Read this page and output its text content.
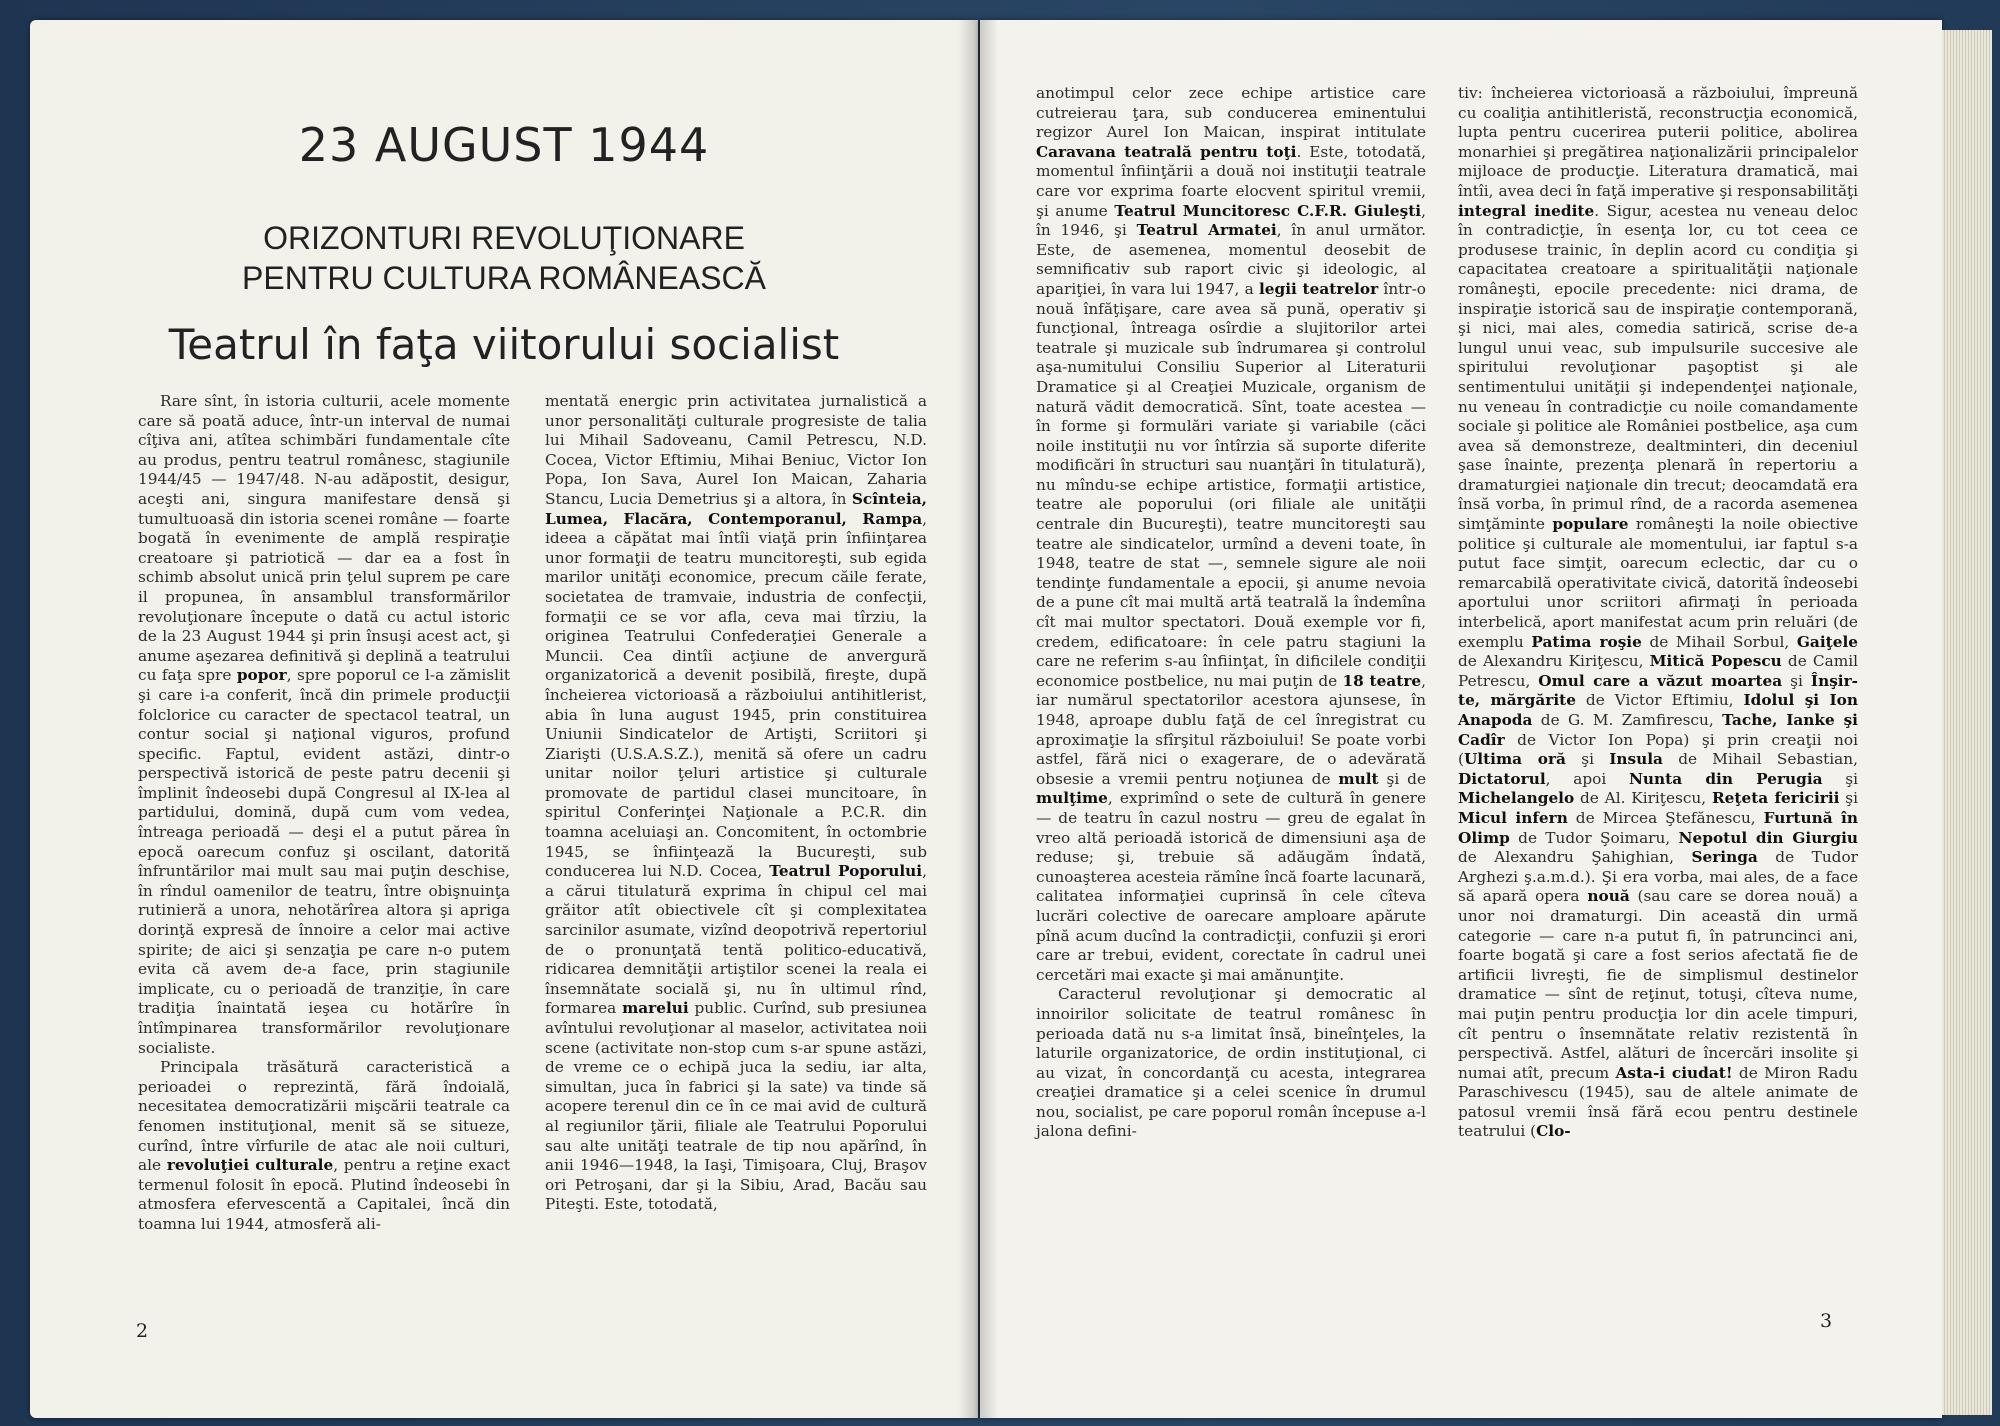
23 AUGUST 1944
ORIZONTURI REVOLUŢIONARE
PENTRU CULTURA ROMÂNEASCĂ
Teatrul în faţa viitorului socialist

Rare sînt, în istoria culturii, acele momente care să poată aduce, într-un interval de numai cîţiva ani, atîtea schimbări fundamentale cîte au produs, pentru teatrul românesc, stagiunile 1944/45 — 1947/48. N-au adăpostit, desigur, aceşti ani, singura manifestare densă şi tumultuoasă din istoria scenei române — foarte bogată în evenimente de amplă respiraţie creatoare şi patriotică — dar ea a fost în schimb absolut unică prin ţelul suprem pe care il propunea, în ansamblul transformărilor revoluţionare începute o dată cu actul istoric de la 23 August 1944 şi prin însuşi acest act, şi anume aşezarea definitivă şi deplină a teatrului cu faţa spre popor, spre poporul ce l-a zămislit şi care i-a conferit, încă din primele producţii folclorice cu caracter de spectacol teatral, un contur social şi naţional viguros, profund specific. Faptul, evident astăzi, dintr-o perspectivă istorică de peste patru decenii şi împlinit îndeosebi după Congresul al IX-lea al partidului, domină, după cum vom vedea, întreaga perioadă — deşi el a putut părea în epocă oarecum confuz şi oscilant, datorită înfruntărilor mai mult sau mai puţin deschise, în rîndul oamenilor de teatru, între obişnuinţa rutinieră a unora, nehotărîrea altora şi apriga dorinţă expresă de înnoire a celor mai active spirite; de aici şi senzaţia pe care n-o putem evita că avem de-a face, prin stagiunile implicate, cu o perioadă de tranziţie, în care tradiţia înaintată ieşea cu hotărîre în întîmpinarea transformărilor revoluţionare socialiste.

Principala trăsătură caracteristică a perioadei o reprezintă, fără îndoială, necesitatea democratizării mişcării teatrale ca fenomen instituţional, menit să se situeze, curînd, între vîrfurile de atac ale noii culturi, ale revoluţiei culturale, pentru a reţine exact termenul folosit în epocă. Plutind îndeosebi în atmosfera efervescentă a Capitalei, încă din toamna lui 1944, atmosferă ali-

mentată energic prin activitatea jurnalistică a unor personalităţi culturale progresiste de talia lui Mihail Sadoveanu, Camil Petrescu, N.D. Cocea, Victor Eftimiu, Mihai Beniuc, Victor Ion Popa, Ion Sava, Aurel Ion Maican, Zaharia Stancu, Lucia Demetrius şi a altora, în Scînteia, Lumea, Flacăra, Contemporanul, Rampa, ideea a căpătat mai întîi viaţă prin înfiinţarea unor formaţii de teatru muncitoreşti, sub egida marilor unităţi economice, precum căile ferate, societatea de tramvaie, industria de confecţii, formaţii ce se vor afla, ceva mai tîrziu, la originea Teatrului Confederaţiei Generale a Muncii. Cea dintîi acţiune de anvergură organizatorică a devenit posibilă, fireşte, după încheierea victorioasă a războiului antihitlerist, abia în luna august 1945, prin constituirea Uniunii Sindicatelor de Artişti, Scriitori şi Ziarişti (U.S.A.S.Z.), menită să ofere un cadru unitar noilor ţeluri artistice şi culturale promovate de partidul clasei muncitoare, în spiritul Conferinţei Naţionale a P.C.R. din toamna aceluiaşi an. Concomitent, în octombrie 1945, se înfiinţează la Bucureşti, sub conducerea lui N.D. Cocea, Teatrul Poporului, a cărui titulatură exprima în chipul cel mai grăitor atît obiectivele cît şi complexitatea sarcinilor asumate, vizînd deopotrivă repertoriul de o pronunţată tentă politico-educativă, ridicarea demnităţii artiştilor scenei la reala ei însemnătate socială şi, nu în ultimul rînd, formarea marelui public. Curînd, sub presiunea avîntului revoluţionar al maselor, activitatea noii scene (activitate non-stop cum s-ar spune astăzi, de vreme ce o echipă juca la sediu, iar alta, simultan, juca în fabrici şi la sate) va tinde să acopere terenul din ce în ce mai avid de cultură al regiunilor ţării, filiale ale Teatrului Poporului sau alte unităţi teatrale de tip nou apărînd, în anii 1946—1948, la Iaşi, Timişoara, Cluj, Braşov ori Petroşani, dar şi la Sibiu, Arad, Bacău sau Piteşti. Este, totodată,

2

anotimpul celor zece echipe artistice care cutreierau ţara, sub conducerea eminentului regizor Aurel Ion Maican, inspirat intitulate Caravana teatrală pentru toţi. Este, totodată, momentul înfiinţării a două noi instituţii teatrale care vor exprima foarte elocvent spiritul vremii, şi anume Teatrul Muncitoresc C.F.R. Giuleşti, în 1946, şi Teatrul Armatei, în anul următor. Este, de asemenea, momentul deosebit de semnificativ sub raport civic şi ideologic, al apariţiei, în vara lui 1947, a legii teatrelor într-o nouă înfăţişare, care avea să pună, operativ şi funcţional, întreaga osîrdie a slujitorilor artei teatrale şi muzicale sub îndrumarea şi controlul aşa-numitului Consiliu Superior al Literaturii Dramatice şi al Creaţiei Muzicale, organism de natură vădit democratică. Sînt, toate acestea — în forme şi formulări variate şi variabile (căci noile instituţii nu vor întîrzia să suporte diferite modificări în structuri sau nuanţări în titulatură), nu mîndu-se echipe artistice, formaţii artistice, teatre ale poporului (ori filiale ale unităţii centrale din Bucureşti), teatre muncitoreşti sau teatre ale sindicatelor, urmînd a deveni toate, în 1948, teatre de stat —, semnele sigure ale noii tendinţe fundamentale a epocii, şi anume nevoia de a pune cît mai multă artă teatrală la îndemîna cît mai multor spectatori. Două exemple vor fi, credem, edificatoare: în cele patru stagiuni la care ne referim s-au înfiinţat, în dificilele condiţii economice postbelice, nu mai puţin de 18 teatre, iar numărul spectatorilor acestora ajunsese, în 1948, aproape dublu faţă de cel înregistrat cu aproximaţie la sfîrşitul războiului! Se poate vorbi astfel, fără nici o exagerare, de o adevărată obsesie a vremii pentru noţiunea de mult şi de mulţime, exprimînd o sete de cultură în genere — de teatru în cazul nostru — greu de egalat în vreo altă perioadă istorică de dimensiuni aşa de reduse; şi, trebuie să adăugăm îndată, cunoaşterea acesteia rămîne încă foarte lacunară, calitatea informaţiei cuprinsă în cele cîteva lucrări colective de oarecare amploare apărute pînă acum ducînd la contradicţii, confuzii şi erori care ar trebui, evident, corectate în cadrul unei cercetări mai exacte şi mai amănunţite.

Caracterul revoluţionar şi democratic al innoirilor solicitate de teatrul românesc în perioada dată nu s-a limitat însă, bineînţeles, la laturile organizatorice, de ordin instituţional, ci au vizat, în concordanţă cu acesta, integrarea creaţiei dramatice şi a celei scenice în drumul nou, socialist, pe care poporul român începuse a-l jalona defini-

tiv: încheierea victorioasă a războiului, împreună cu coaliţia antihitleristă, reconstrucţia economică, lupta pentru cucerirea puterii politice, abolirea monarhiei şi pregătirea naţionalizării principalelor mijloace de producţie. Literatura dramatică, mai întîi, avea deci în faţă imperative şi responsabilităţi integral inedite. Sigur, acestea nu veneau deloc în contradicţie, în esenţa lor, cu tot ceea ce produsese trainic, în deplin acord cu condiţia şi capacitatea creatoare a spiritualităţii naţionale româneşti, epocile precedente: nici drama, de inspiraţie istorică sau de inspiraţie contemporană, şi nici, mai ales, comedia satirică, scrise de-a lungul unui veac, sub impulsurile succesive ale spiritului revoluţionar paşoptist şi ale sentimentului unităţii şi independenţei naţionale, nu veneau în contradicţie cu noile comandamente sociale şi politice ale României postbelice, aşa cum avea să demonstreze, dealtminteri, din deceniul şase înainte, prezenţa plenară în repertoriu a dramaturgiei naţionale din trecut; deocamdată era însă vorba, în primul rînd, de a racorda asemenea simţăminte populare româneşti la noile obiective politice şi culturale ale momentului, iar faptul s-a putut face simţit, oarecum eclectic, dar cu o remarcabilă operativitate civică, datorită îndeosebi aportului unor scriitori afirmaţi în perioada interbelică, aport manifestat acum prin reluări (de exemplu Patima roşie de Mihail Sorbul, Gaiţele de Alexandru Kiriţescu, Mitică Popescu de Camil Petrescu, Omul care a văzut moartea şi Înşir-te, mărgărite de Victor Eftimiu, Idolul şi Ion Anapoda de G. M. Zamfirescu, Tache, Ianke şi Cadîr de Victor Ion Popa) şi prin creaţii noi (Ultima oră şi Insula de Mihail Sebastian, Dictatorul, apoi Nunta din Perugia şi Michelangelo de Al. Kiriţescu, Reţeta fericirii şi Micul infern de Mircea Ştefănescu, Furtună în Olimp de Tudor Şoimaru, Nepotul din Giurgiu de Alexandru Şahighian, Seringa de Tudor Arghezi ş.a.m.d.). Şi era vorba, mai ales, de a face să apară opera nouă (sau care se dorea nouă) a unor noi dramaturgi. Din această din urmă categorie — care n-a putut fi, în patruncinci ani, foarte bogată şi care a fost serios afectată fie de artificii livreşti, fie de simplismul destinelor dramatice — sînt de reţinut, totuşi, cîteva nume, mai puţin pentru producţia lor din acele timpuri, cît pentru o însemnătate relativ rezistentă în perspectivă. Astfel, alături de încercări insolite şi numai atît, precum Asta-i ciudat! de Miron Radu Paraschivescu (1945), sau de altele animate de patosul vremii însă fără ecou pentru destinele teatrului (Clo-

3
